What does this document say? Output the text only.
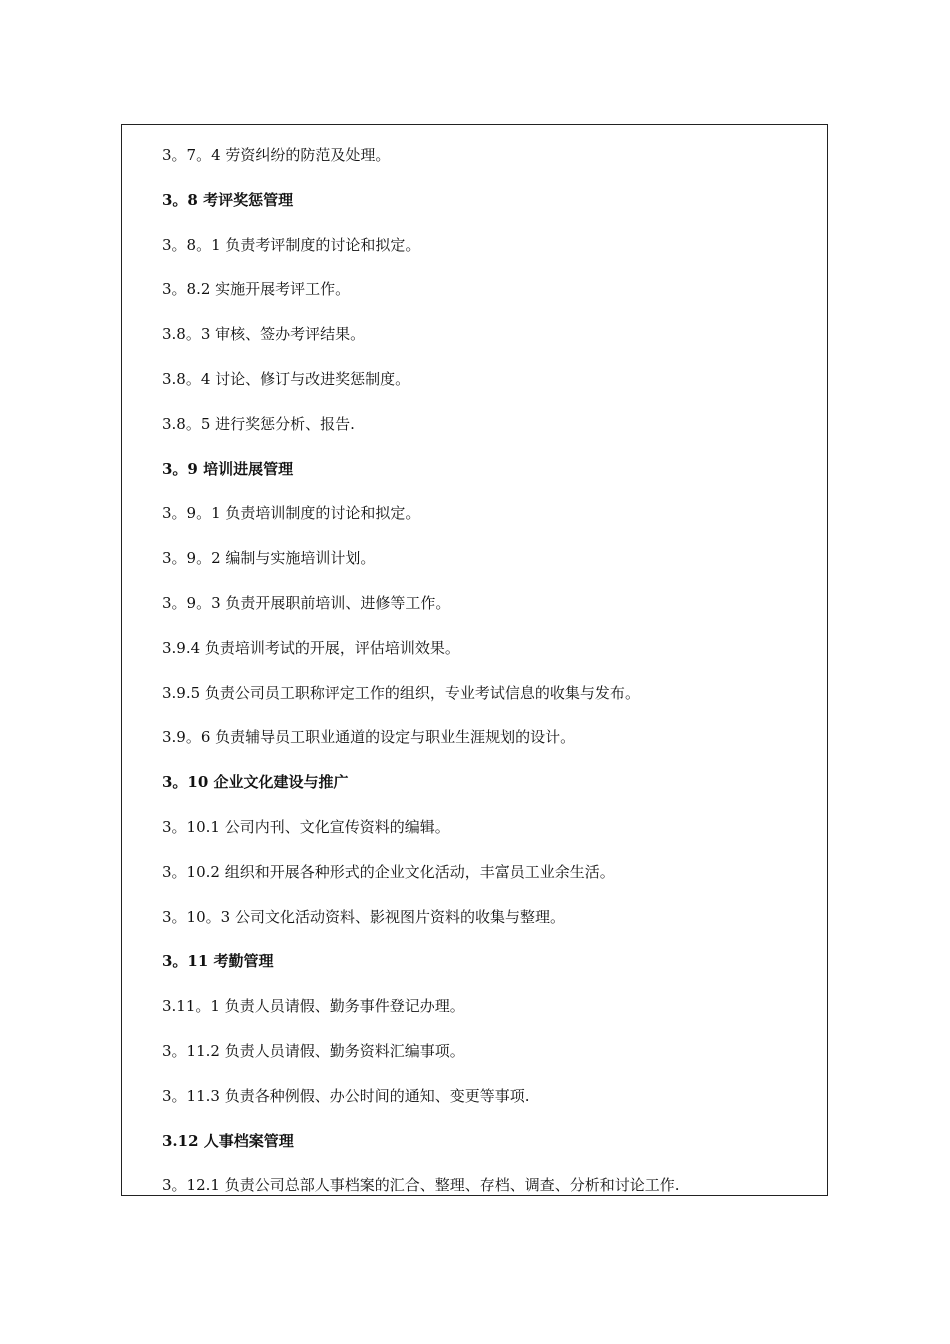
3。7。4 劳资纠纷的防范及处理。
3。8 考评奖惩管理
3。8。1 负责考评制度的讨论和拟定。
3。8.2 实施开展考评工作。
3.8。3 审核、签办考评结果。
3.8。4 讨论、修订与改进奖惩制度。
3.8。5 进行奖惩分析、报告.
3。9 培训进展管理
3。9。1 负责培训制度的讨论和拟定。
3。9。2 编制与实施培训计划。
3。9。3 负责开展职前培训、进修等工作。
3.9.4 负责培训考试的开展，评估培训效果。
3.9.5 负责公司员工职称评定工作的组织，专业考试信息的收集与发布。
3.9。6 负责辅导员工职业通道的设定与职业生涯规划的设计。
3。10 企业文化建设与推广
3。10.1 公司内刊、文化宣传资料的编辑。
3。10.2 组织和开展各种形式的企业文化活动，丰富员工业余生活。
3。10。3 公司文化活动资料、影视图片资料的收集与整理。
3。11 考勤管理
3.11。1 负责人员请假、勤务事件登记办理。
3。11.2 负责人员请假、勤务资料汇编事项。
3。11.3 负责各种例假、办公时间的通知、变更等事项.
3.12 人事档案管理
3。12.1 负责公司总部人事档案的汇合、整理、存档、调查、分析和讨论工作.
